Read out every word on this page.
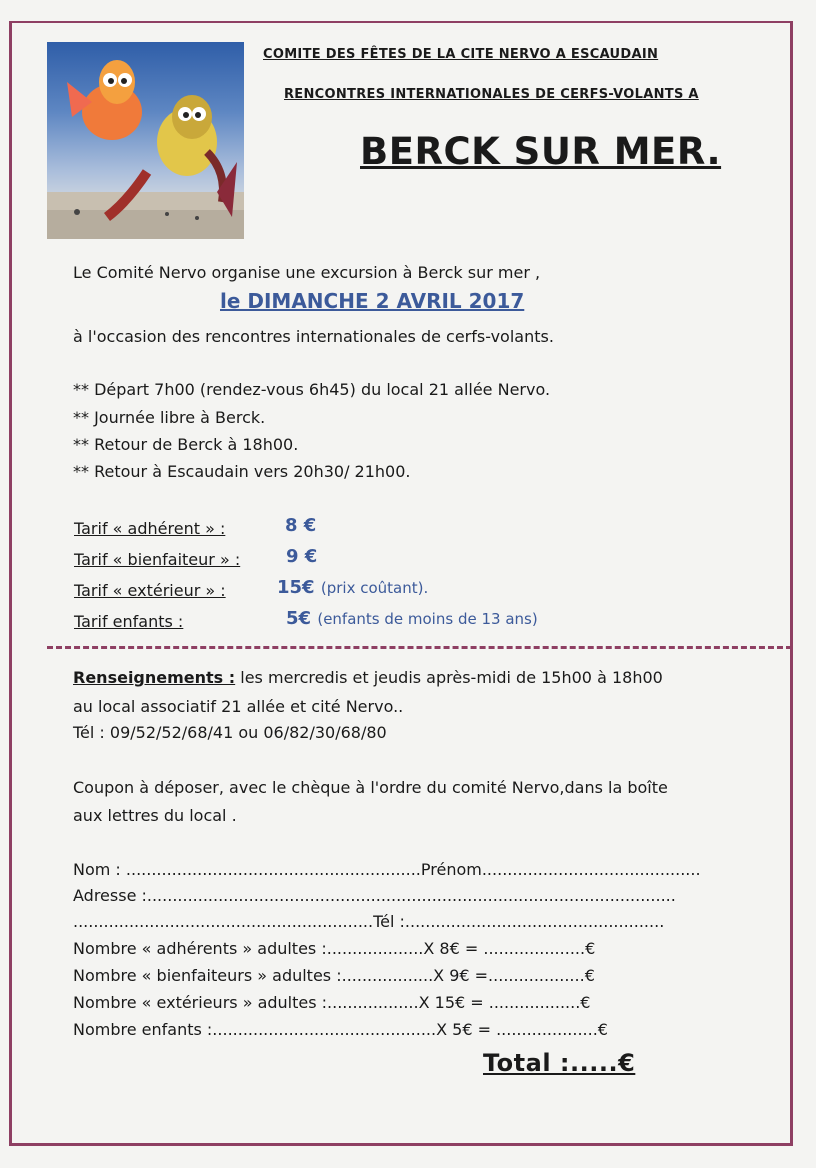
COMITE DES FÊTES DE LA CITE NERVO A ESCAUDAIN
RENCONTRES INTERNATIONALES DE CERFS-VOLANTS A
BERCK SUR MER.
Le Comité Nervo organise une excursion à Berck sur mer ,
le DIMANCHE 2 AVRIL 2017
à l'occasion des rencontres internationales de cerfs-volants.
** Départ 7h00 (rendez-vous 6h45) du local 21 allée Nervo.
** Journée libre à Berck.
** Retour de Berck à 18h00.
** Retour à Escaudain vers 20h30/ 21h00.
Tarif « adhérent » :	8 €
Tarif « bienfaiteur » :	9 €
Tarif « extérieur » :	15€ (prix coûtant).
Tarif enfants :	5€ (enfants de moins de 13 ans)
Renseignements : les mercredis et jeudis après-midi de 15h00 à 18h00
au local associatif 21 allée et cité Nervo..
Tél : 09/52/52/68/41 ou 06/82/30/68/80
Coupon à déposer, avec le chèque à l'ordre du comité Nervo,dans la boîte
aux lettres du local .
Nom : ..........................................................Prénom...........................................
Adresse :........................................................................................................
...........................................................Tél :...................................................
Nombre « adhérents » adultes :...................X 8€ = ....................€
Nombre « bienfaiteurs » adultes :..................X 9€ =...................€
Nombre « extérieurs » adultes :..................X 15€ = ..................€
Nombre enfants :............................................X 5€ = ....................€
Total :.....€
